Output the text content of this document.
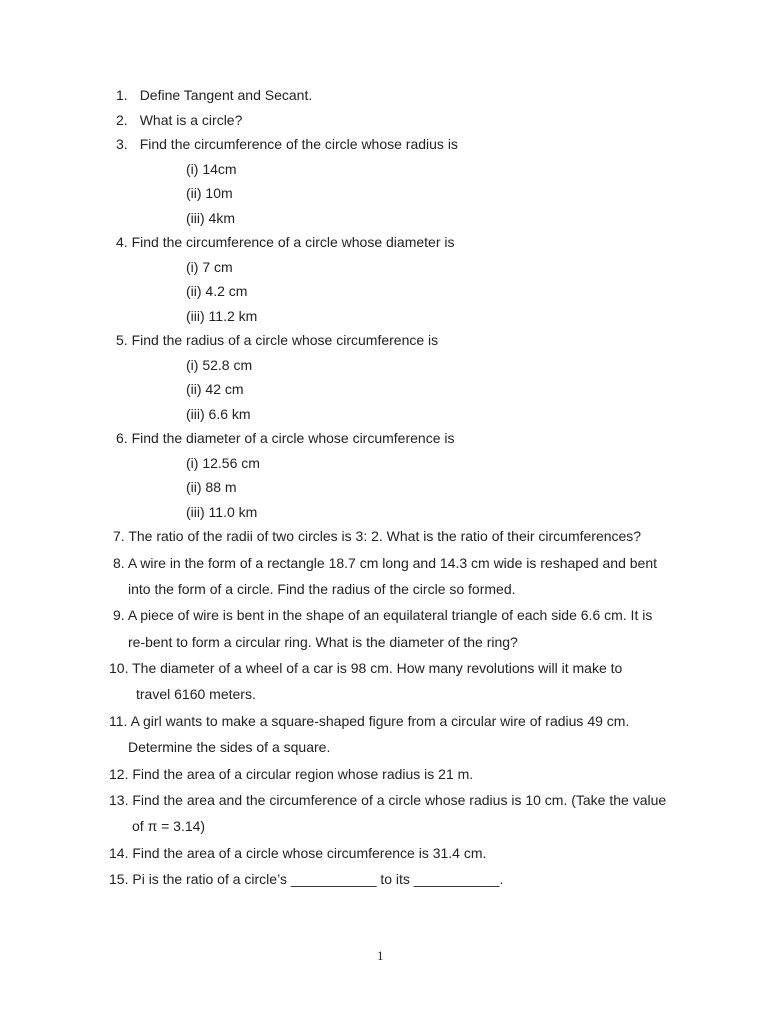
1. Define Tangent and Secant.
2. What is a circle?
3. Find the circumference of the circle whose radius is
(i) 14cm
(ii) 10m
(iii) 4km
4. Find the circumference of a circle whose diameter is
(i) 7 cm
(ii) 4.2 cm
(iii) 11.2 km
5. Find the radius of a circle whose circumference is
(i) 52.8 cm
(ii) 42 cm
(iii) 6.6 km
6. Find the diameter of a circle whose circumference is
(i) 12.56 cm
(ii) 88 m
(iii) 11.0 km
7. The ratio of the radii of two circles is 3: 2. What is the ratio of their circumferences?
8. A wire in the form of a rectangle 18.7 cm long and 14.3 cm wide is reshaped and bent
into the form of a circle. Find the radius of the circle so formed.
9. A piece of wire is bent in the shape of an equilateral triangle of each side 6.6 cm. It is
re-bent to form a circular ring. What is the diameter of the ring?
10. The diameter of a wheel of a car is 98 cm. How many revolutions will it make to
travel 6160 meters.
11. A girl wants to make a square-shaped figure from a circular wire of radius 49 cm.
Determine the sides of a square.
12. Find the area of a circular region whose radius is 21 m.
13. Find the area and the circumference of a circle whose radius is 10 cm. (Take the value
of π = 3.14)
14. Find the area of a circle whose circumference is 31.4 cm.
15. Pi is the ratio of a circle’s ___________ to its ___________.
1
